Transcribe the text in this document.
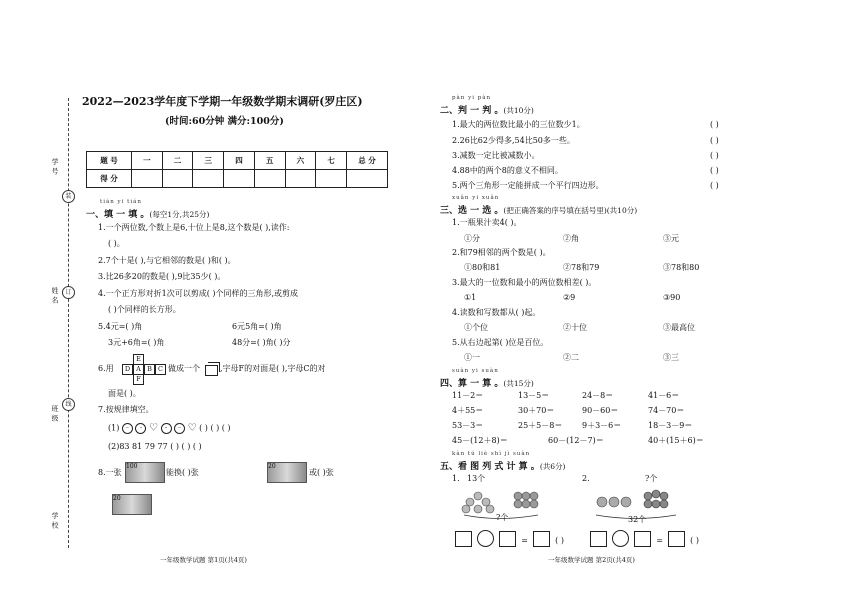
学 号
姓 名
班 级
学 校
装
订
线
2022—2023学年度下学期一年级数学期末调研(罗庄区)
(时间:60分钟 满分:100分)
题 号	一	二	三	四	五	六	七	总 分
得 分								
tián yi tián
一、填 一 填 。(每空1分,共25分)
1.一个两位数,个数上是6,十位上是8,这个数是( ),读作:
( )。
2.7个十是( ),与它相邻的数是( )和( )。
3.比26多20的数是( ),9比35少( )。
4.一个正方形对折1次可以剪成( )个同样的三角形,或剪成
( )个同样的长方形。
5.4元=( )角	6元5角=( )角
3元+6角=( )角	48分=( )角( )分
6.用
E
D A B C
F
做成一个	,字母F的对面是( ),字母C的对
面是( )。
7.按规律填空。
(1) ᵕ ᵕ ♡ ᵕ ᵕ ♡ ( ) ( ) ( )
(2)83 81 79 77 ( ) ( ) ( )
8.一张
100
能换( )张
20
或( )张
20
一年级数学试题 第1页(共4页)
pàn yi pàn
二、判 一 判 。(共10分)
1.最大的两位数比最小的三位数少1。
2.26比62少得多,54比50多一些。
3.减数一定比被减数小。
4.88中的两个8的意义不相同。
5.两个三角形一定能拼成一个平行四边形。
( )
( )
( )
( )
( )
xuǎn yi xuǎn
三、选 一 选 。(把正确答案的序号填在括号里)(共10分)
1.一瓶果汁卖4( )。
①分	②角	③元
2.和79相邻的两个数是( )。
①80和81	②78和79	③78和80
3.最大的一位数和最小的两位数相差( )。
①1	②9	③90
4.读数和写数都从( )起。
①个位	②十位	③最高位
5.从右边起第( )位是百位。
①一	②二	③三
suàn yi suàn
四、算 一 算 。(共15分)
11－2＝	13－5＝	24－8＝	41－6＝
4＋55＝	30＋70＝	90－60＝	74－70＝
53－3＝	25＋5－8＝ 9＋3－6＝	18－3－9＝
45－(12＋8)＝	60－(12－7)＝	40＋(15＋6)＝
kàn tú liè shì jì suàn
五、看 图 列 式 计 算 。(共6分)
1. 13个
?个
2.	?个
32个
=	( )	=	( )
一年级数学试题 第2页(共4页)
